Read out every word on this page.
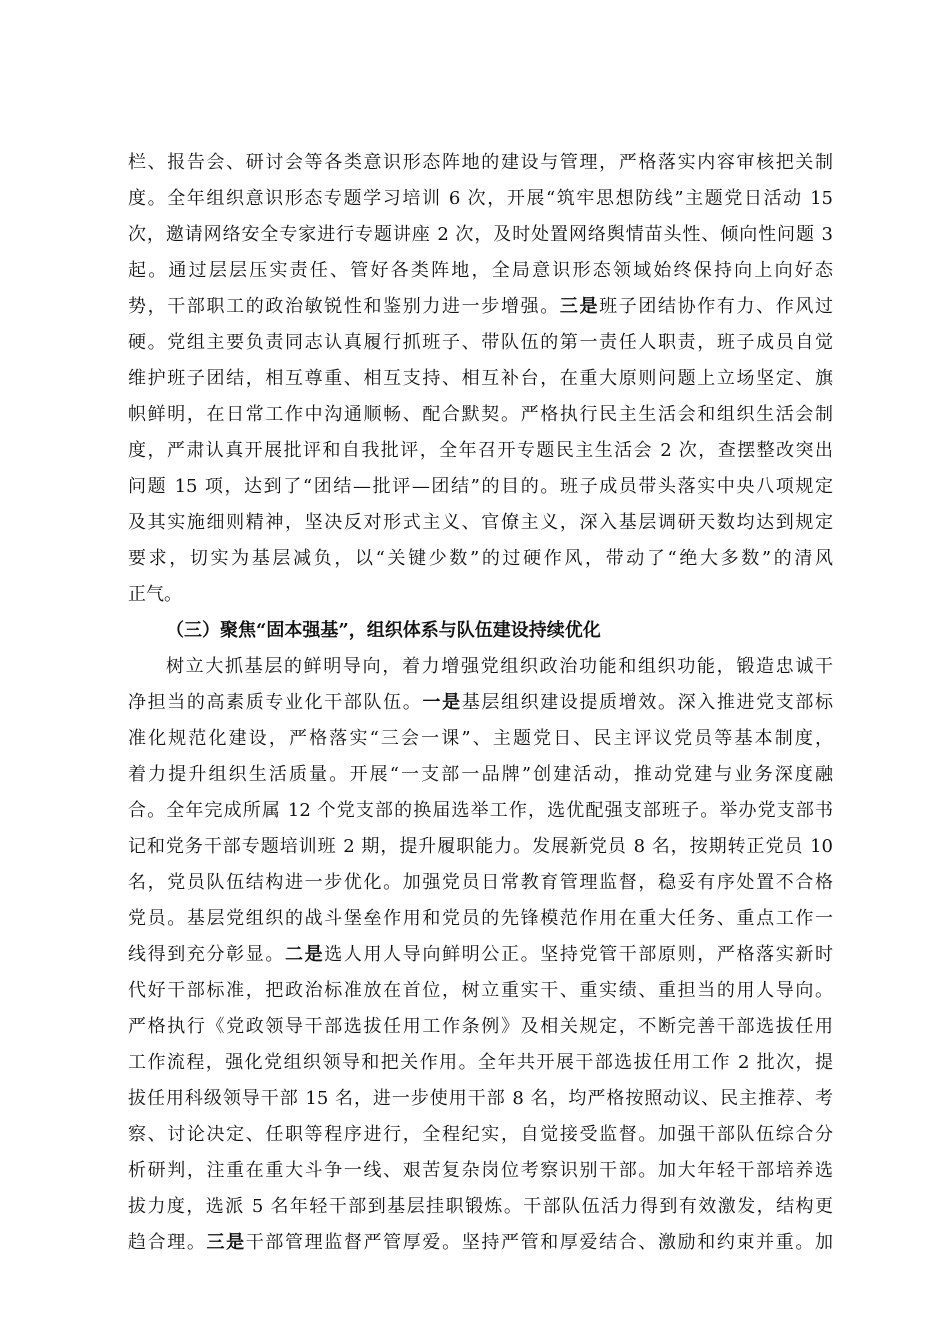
栏、报告会、研讨会等各类意识形态阵地的建设与管理，严格落实内容审核把关制
度。全年组织意识形态专题学习培训 6 次，开展“筑牢思想防线”主题党日活动 15
次，邀请网络安全专家进行专题讲座 2 次，及时处置网络舆情苗头性、倾向性问题 3
起。通过层层压实责任、管好各类阵地，全局意识形态领域始终保持向上向好态
势，干部职工的政治敏锐性和鉴别力进一步增强。三是班子团结协作有力、作风过
硬。党组主要负责同志认真履行抓班子、带队伍的第一责任人职责，班子成员自觉
维护班子团结，相互尊重、相互支持、相互补台，在重大原则问题上立场坚定、旗
帜鲜明，在日常工作中沟通顺畅、配合默契。严格执行民主生活会和组织生活会制
度，严肃认真开展批评和自我批评，全年召开专题民主生活会 2 次，查摆整改突出
问题 15 项，达到了“团结—批评—团结”的目的。班子成员带头落实中央八项规定
及其实施细则精神，坚决反对形式主义、官僚主义，深入基层调研天数均达到规定
要求，切实为基层减负，以“关键少数”的过硬作风，带动了“绝大多数”的清风
正气。
（三）聚焦“固本强基”，组织体系与队伍建设持续优化
树立大抓基层的鲜明导向，着力增强党组织政治功能和组织功能，锻造忠诚干
净担当的高素质专业化干部队伍。一是基层组织建设提质增效。深入推进党支部标
准化规范化建设，严格落实“三会一课”、主题党日、民主评议党员等基本制度，
着力提升组织生活质量。开展“一支部一品牌”创建活动，推动党建与业务深度融
合。全年完成所属 12 个党支部的换届选举工作，选优配强支部班子。举办党支部书
记和党务干部专题培训班 2 期，提升履职能力。发展新党员 8 名，按期转正党员 10
名，党员队伍结构进一步优化。加强党员日常教育管理监督，稳妥有序处置不合格
党员。基层党组织的战斗堡垒作用和党员的先锋模范作用在重大任务、重点工作一
线得到充分彰显。二是选人用人导向鲜明公正。坚持党管干部原则，严格落实新时
代好干部标准，把政治标准放在首位，树立重实干、重实绩、重担当的用人导向。
严格执行《党政领导干部选拔任用工作条例》及相关规定，不断完善干部选拔任用
工作流程，强化党组织领导和把关作用。全年共开展干部选拔任用工作 2 批次，提
拔任用科级领导干部 15 名，进一步使用干部 8 名，均严格按照动议、民主推荐、考
察、讨论决定、任职等程序进行，全程纪实，自觉接受监督。加强干部队伍综合分
析研判，注重在重大斗争一线、艰苦复杂岗位考察识别干部。加大年轻干部培养选
拔力度，选派 5 名年轻干部到基层挂职锻炼。干部队伍活力得到有效激发，结构更
趋合理。三是干部管理监督严管厚爱。坚持严管和厚爱结合、激励和约束并重。加
